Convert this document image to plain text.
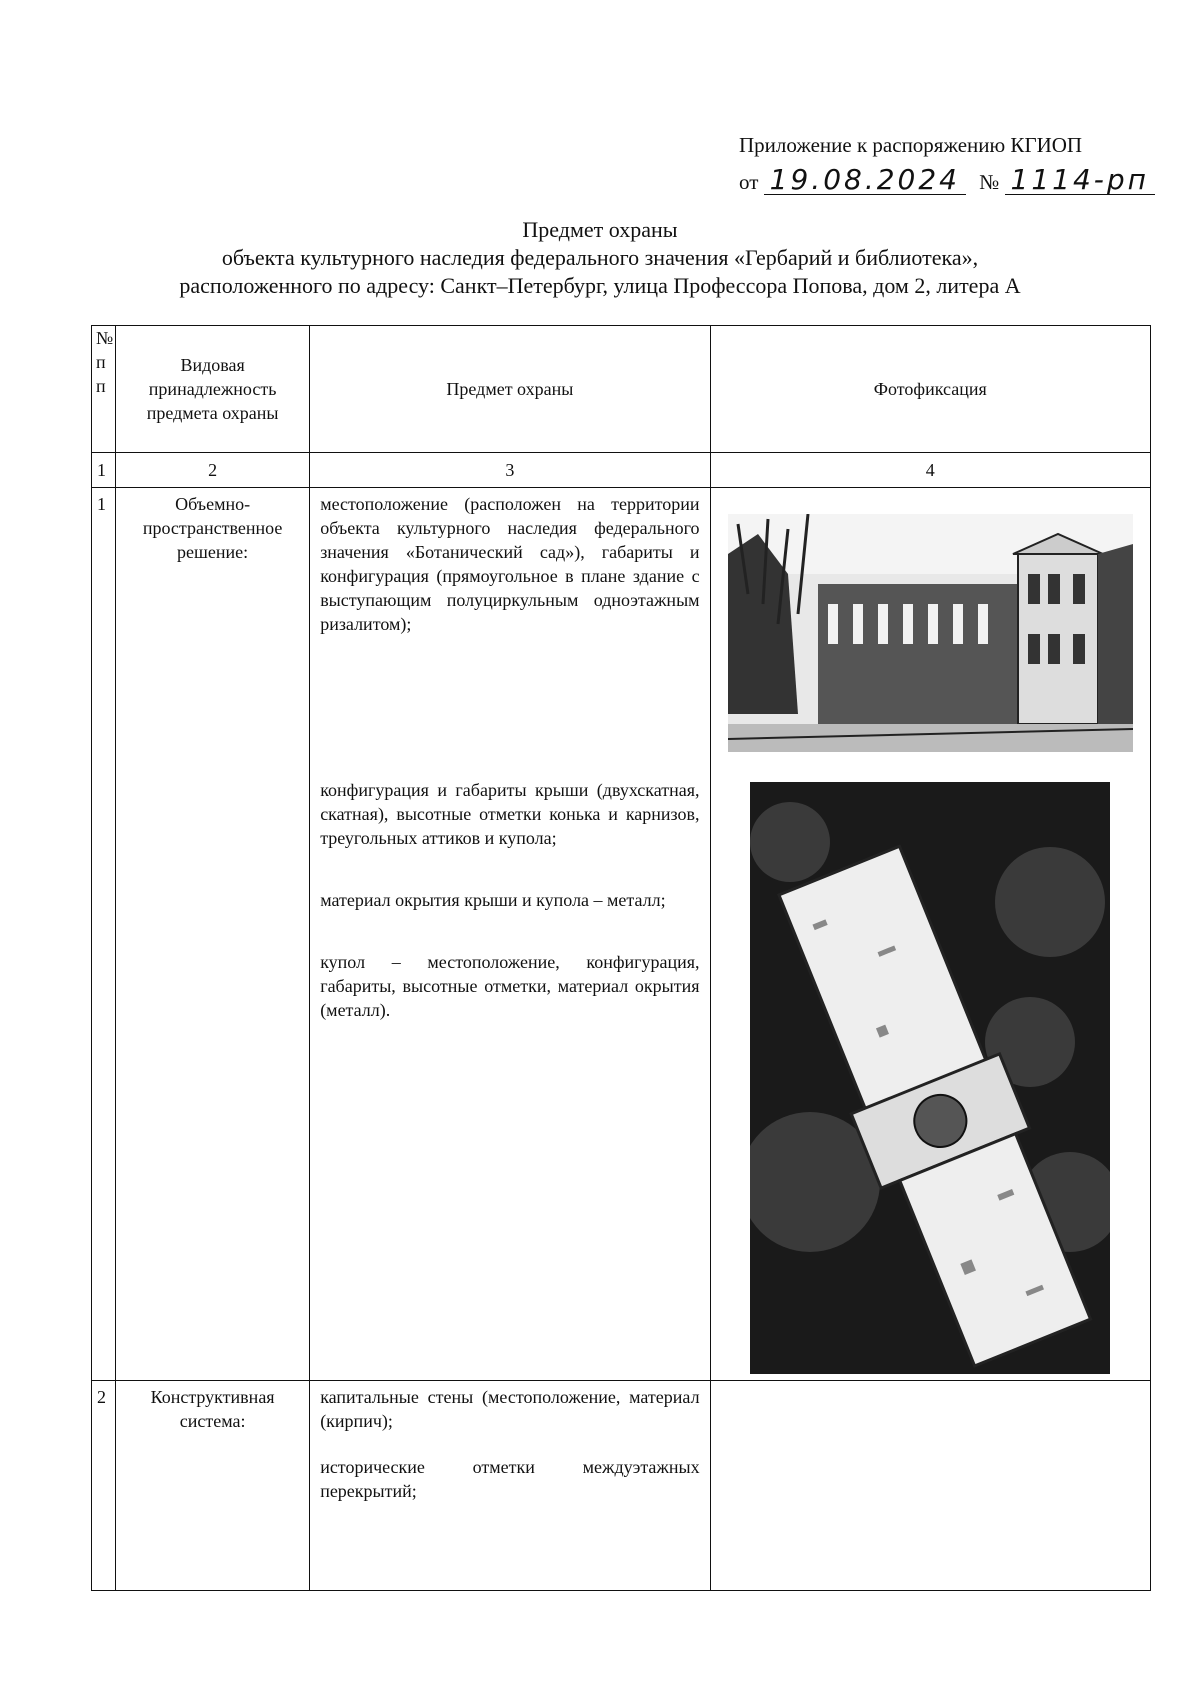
Приложение к распоряжению КГИОП
от 19.08.2024 № 1114-рп
Предмет охраны
объекта культурного наследия федерального значения «Гербарий и библиотека»,
расположенного по адресу: Санкт–Петербург, улица Профессора Попова, дом 2, литера А
№ п п	Видовая принадлежность предмета охраны	Предмет охраны	Фотофиксация
1	2	3	4
1	Объемно-пространственное решение:	местоположение (расположен на территории объекта культурного наследия федерального значения «Ботанический сад»), габариты и конфигурация (прямоугольное в плане здание с выступающим полуциркульным одноэтажным ризалитом);

конфигурация и габариты крыши (двухскатная, скатная), высотные отметки конька и карнизов, треугольных аттиков и купола;

материал окрытия крыши и купола – металл;

купол – местоположение, конфигурация, габариты, высотные отметки, материал окрытия (металл).

2	Конструктивная система:	капитальные стены (местоположение, материал (кирпич);

исторические отметки междуэтажных перекрытий;	
